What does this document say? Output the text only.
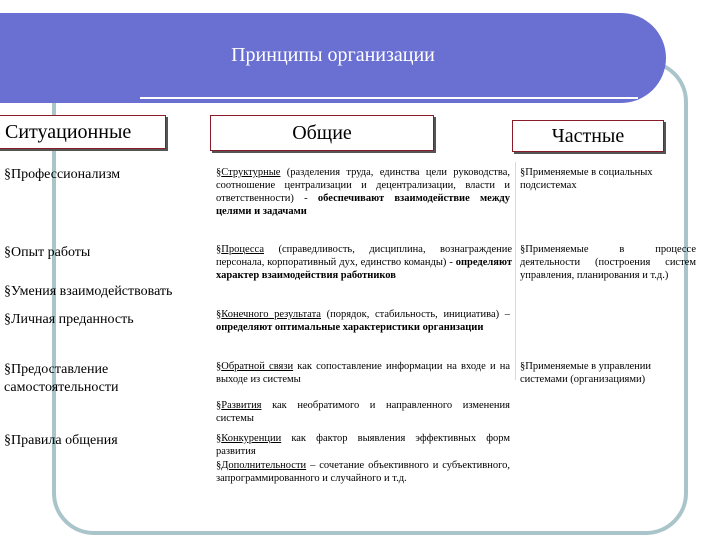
Принципы организации
Ситуационные	Общие	Частные
§Профессионализм
§Опыт работы
§Умения взаимодействовать
§Личная преданность
§Предоставление самостоятельности
§Правила общения
§Структурные (разделения труда, единства цели руководства, соотношение централизации и децентрализации, власти и ответственности) - обеспечивают взаимодействие между целями и задачами
§Процесса (справедливость, дисциплина, вознаграждение персонала, корпоративный дух, единство команды) - определяют характер взаимодействия работников
§Конечного результата (порядок, стабильность, инициатива) – определяют оптимальные характеристики организации
§Обратной связи как сопоставление информации на входе и на выходе из системы
§Развития как необратимого и направленного изменения системы
§Конкуренции как фактор выявления эффективных форм развития
§Дополнительности – сочетание объективного и субъективного, запрограммированного и случайного и т.д.
§Применяемые в социальных подсистемах
§Применяемые в процессе деятельности (построения систем управления, планирования и т.д.)
§Применяемые в управлении системами (организациями)
